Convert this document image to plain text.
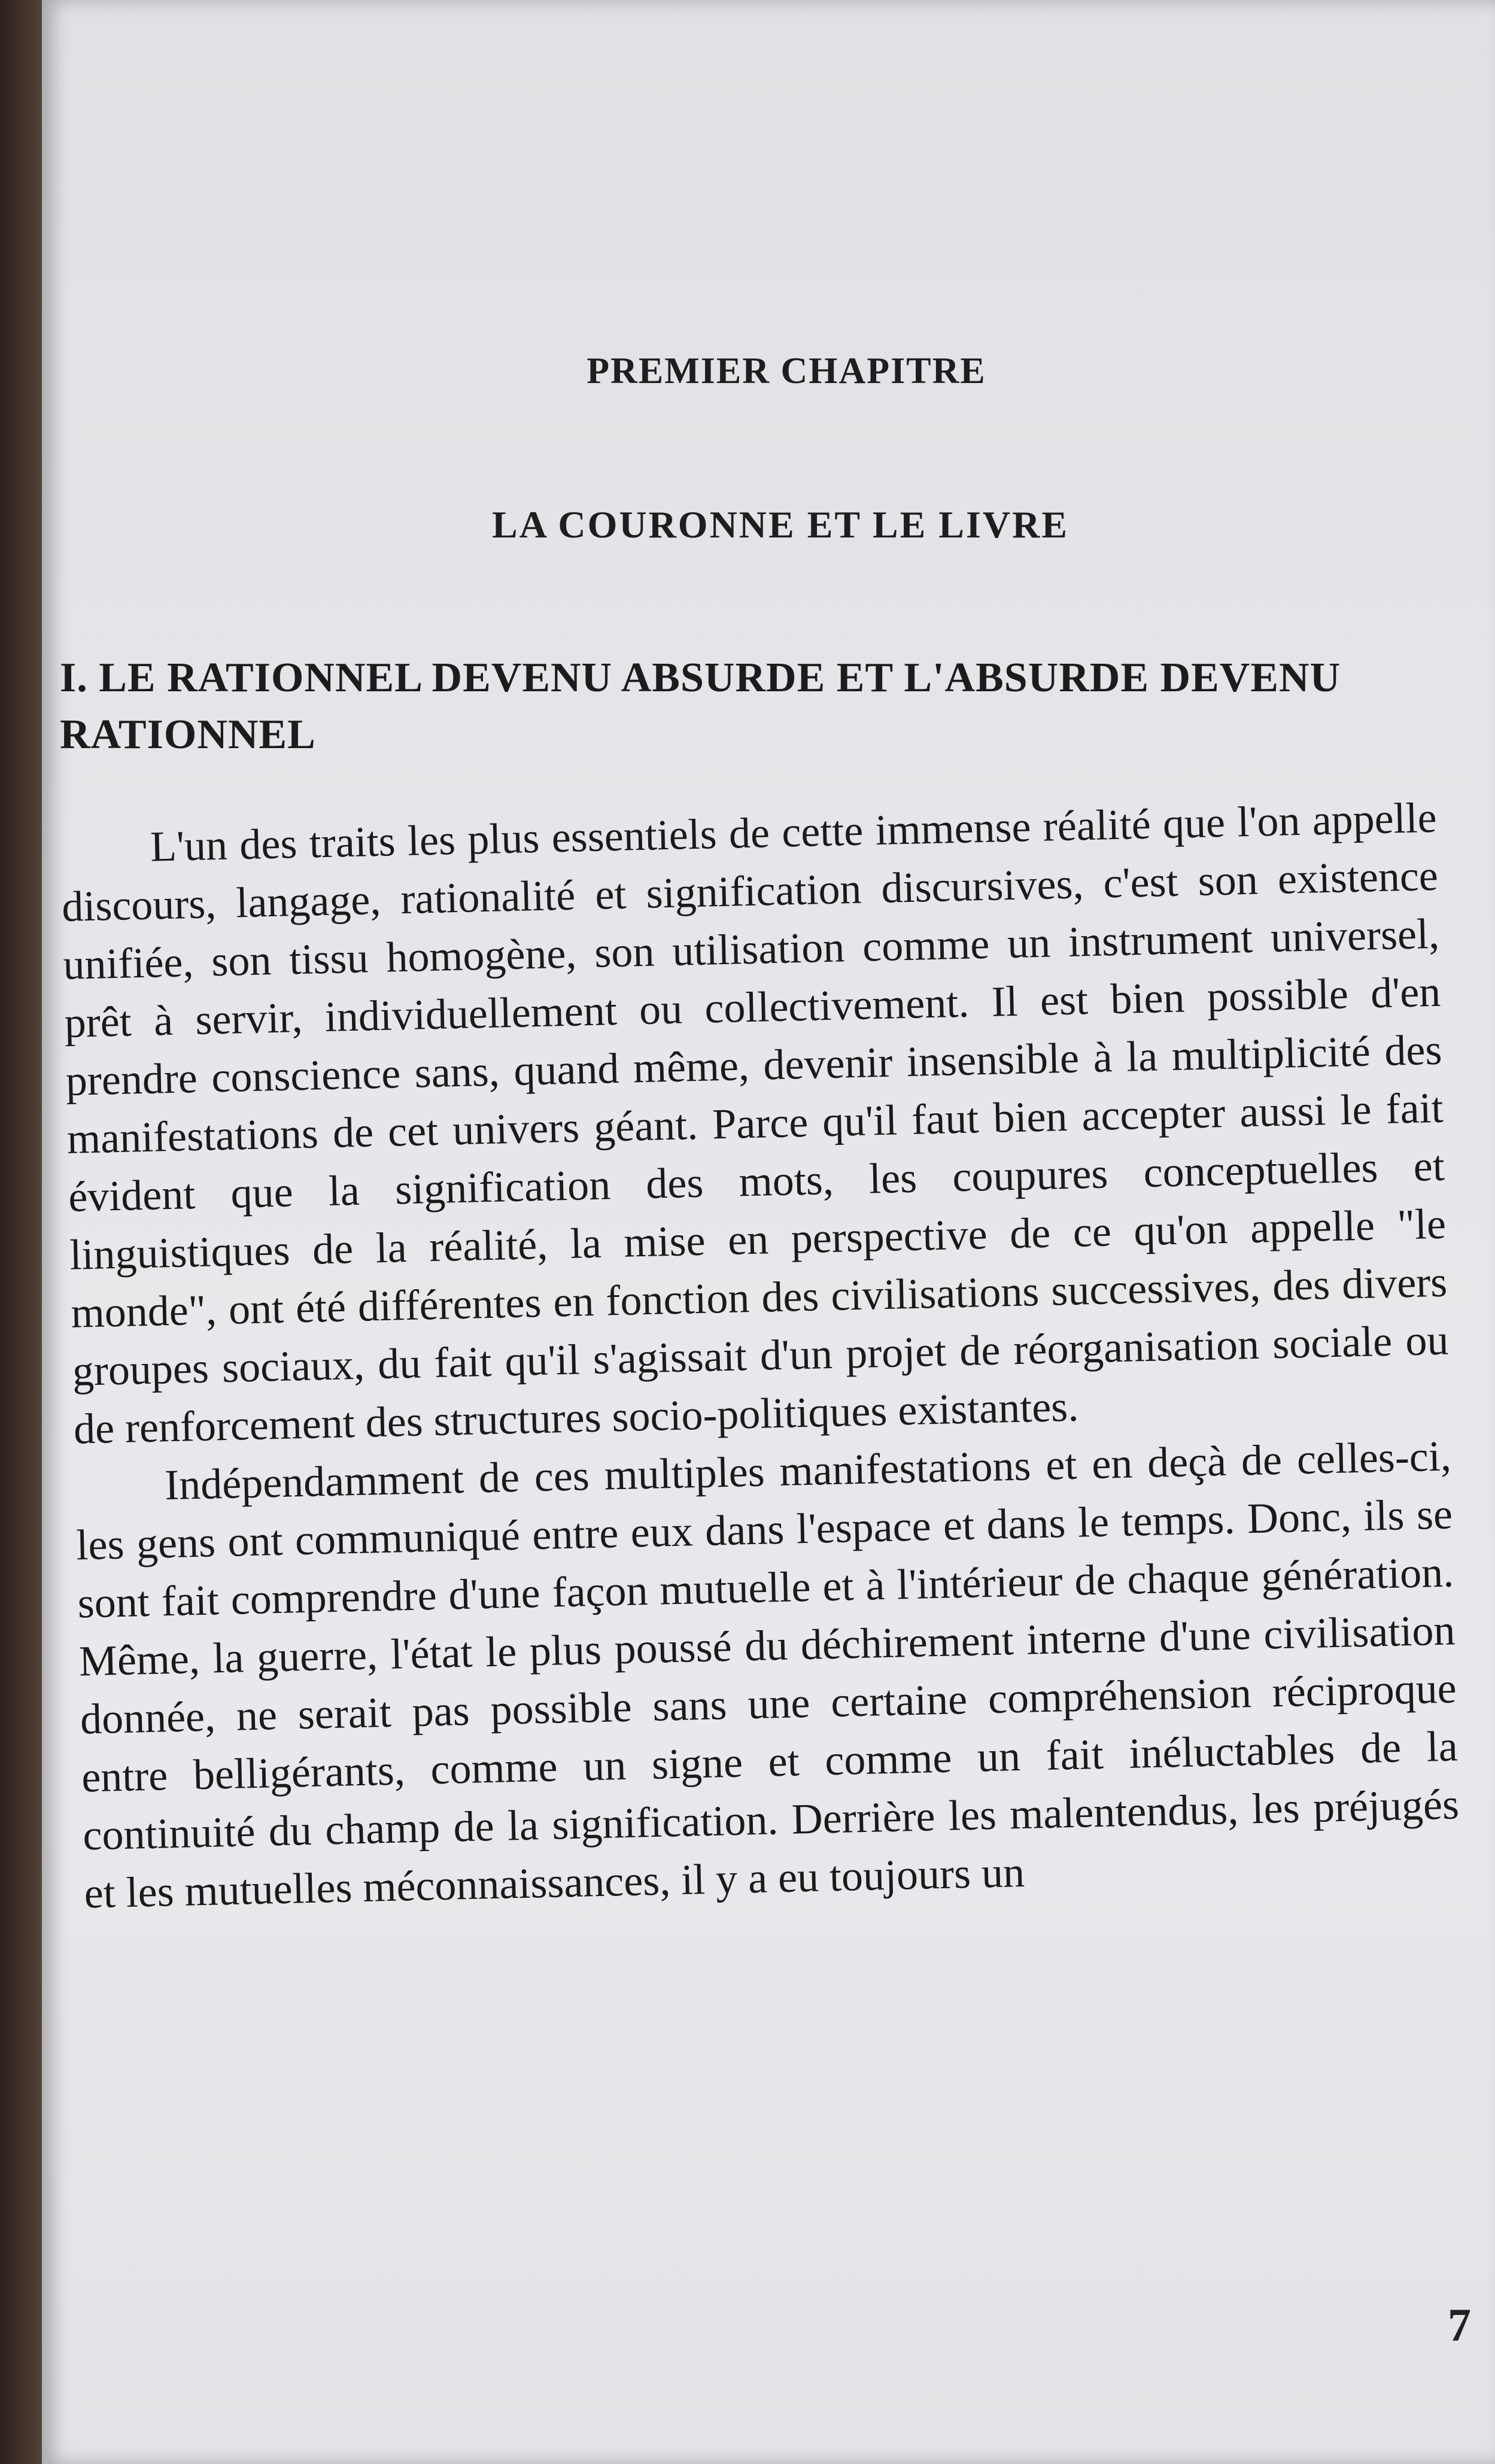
PREMIER CHAPITRE
LA COURONNE ET LE LIVRE
I. LE RATIONNEL DEVENU ABSURDE ET L'ABSURDE DEVENU RATIONNEL

L'un des traits les plus essentiels de cette immense réalité que l'on appelle discours, langage, rationalité et signification discursives, c'est son existence unifiée, son tissu homogène, son utilisation comme un instrument universel, prêt à servir, individuellement ou collectivement. Il est bien possible d'en prendre conscience sans, quand même, devenir insensible à la multiplicité des manifestations de cet univers géant. Parce qu'il faut bien accepter aussi le fait évident que la signification des mots, les coupures conceptuelles et linguistiques de la réalité, la mise en perspective de ce qu'on appelle "le monde", ont été différentes en fonction des civilisations successives, des divers groupes sociaux, du fait qu'il s'agissait d'un projet de réorganisation sociale ou de renforcement des structures socio-politiques existantes.

Indépendamment de ces multiples manifestations et en deçà de celles-ci, les gens ont communiqué entre eux dans l'espace et dans le temps. Donc, ils se sont fait comprendre d'une façon mutuelle et à l'intérieur de chaque génération. Même, la guerre, l'état le plus poussé du déchirement interne d'une civilisation donnée, ne serait pas possible sans une certaine compréhension réciproque entre belligérants, comme un signe et comme un fait inéluctables de la continuité du champ de la signification. Derrière les malentendus, les préjugés et les mutuelles méconnaissances, il y a eu toujours un

7
